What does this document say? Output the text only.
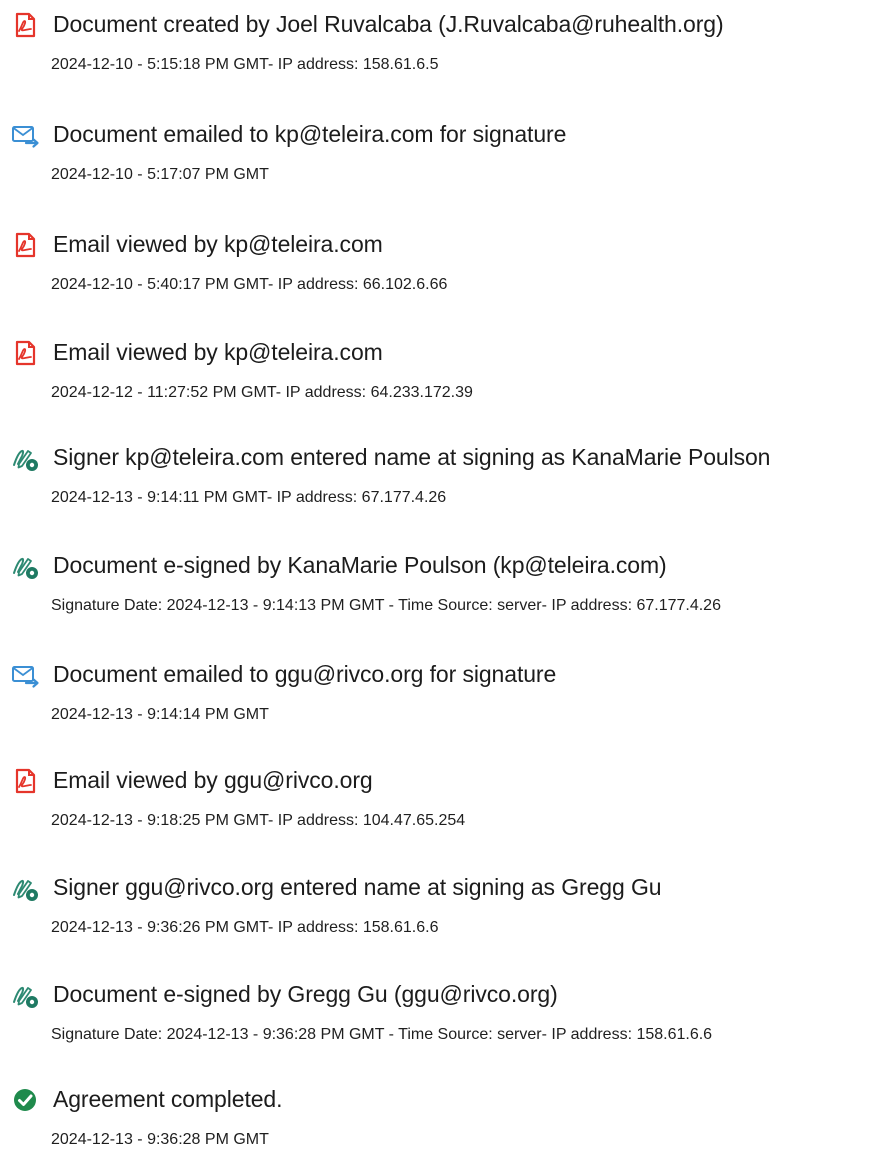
Document created by Joel Ruvalcaba (J.Ruvalcaba@ruhealth.org)
2024-12-10 - 5:15:18 PM GMT- IP address: 158.61.6.5
Document emailed to kp@teleira.com for signature
2024-12-10 - 5:17:07 PM GMT
Email viewed by kp@teleira.com
2024-12-10 - 5:40:17 PM GMT- IP address: 66.102.6.66
Email viewed by kp@teleira.com
2024-12-12 - 11:27:52 PM GMT- IP address: 64.233.172.39
Signer kp@teleira.com entered name at signing as KanaMarie Poulson
2024-12-13 - 9:14:11 PM GMT- IP address: 67.177.4.26
Document e-signed by KanaMarie Poulson (kp@teleira.com)
Signature Date: 2024-12-13 - 9:14:13 PM GMT - Time Source: server- IP address: 67.177.4.26
Document emailed to ggu@rivco.org for signature
2024-12-13 - 9:14:14 PM GMT
Email viewed by ggu@rivco.org
2024-12-13 - 9:18:25 PM GMT- IP address: 104.47.65.254
Signer ggu@rivco.org entered name at signing as Gregg Gu
2024-12-13 - 9:36:26 PM GMT- IP address: 158.61.6.6
Document e-signed by Gregg Gu (ggu@rivco.org)
Signature Date: 2024-12-13 - 9:36:28 PM GMT - Time Source: server- IP address: 158.61.6.6
Agreement completed.
2024-12-13 - 9:36:28 PM GMT
